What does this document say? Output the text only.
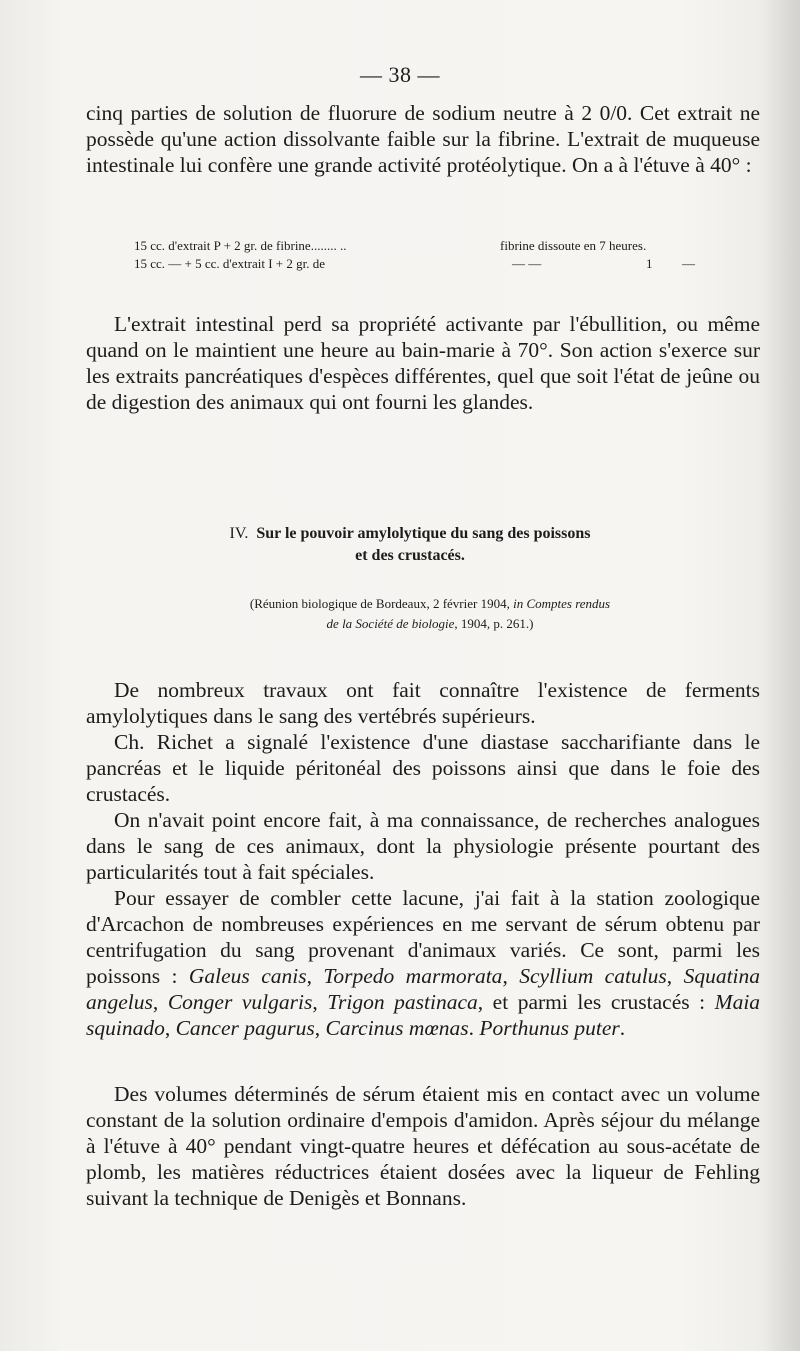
— 38 —

cinq parties de solution de fluorure de sodium neutre à 2 0/0. Cet extrait ne possède qu'une action dissolvante faible sur la fibrine. L'extrait de muqueuse intestinale lui confère une grande activité protéolytique. On a à l'étuve à 40° :

15 cc. d'extrait P + 2 gr. de fibrine........ ..	fibrine dissoute en 7 heures.
15 cc. — + 5 cc. d'extrait I + 2 gr. de	— —	1 —

L'extrait intestinal perd sa propriété activante par l'ébullition, ou même quand on le maintient une heure au bain-marie à 70°. Son action s'exerce sur les extraits pancréatiques d'espèces différentes, quel que soit l'état de jeûne ou de digestion des animaux qui ont fourni les glandes.

IV. Sur le pouvoir amylolytique du sang des poissons
et des crustacés.
(Réunion biologique de Bordeaux, 2 février 1904, in Comptes rendus
de la Société de biologie, 1904, p. 261.)

De nombreux travaux ont fait connaître l'existence de ferments amylolytiques dans le sang des vertébrés supérieurs.

Ch. Richet a signalé l'existence d'une diastase saccharifiante dans le pancréas et le liquide péritonéal des poissons ainsi que dans le foie des crustacés.

On n'avait point encore fait, à ma connaissance, de recherches analogues dans le sang de ces animaux, dont la physiologie présente pourtant des particularités tout à fait spéciales.

Pour essayer de combler cette lacune, j'ai fait à la station zoologique d'Arcachon de nombreuses expériences en me servant de sérum obtenu par centrifugation du sang provenant d'animaux variés. Ce sont, parmi les poissons : Galeus canis, Torpedo marmorata, Scyllium catulus, Squatina angelus, Conger vulgaris, Trigon pastinaca, et parmi les crustacés : Maia squinado, Cancer pagurus, Carcinus mœnas. Porthunus puter.

Des volumes déterminés de sérum étaient mis en contact avec un volume constant de la solution ordinaire d'empois d'amidon. Après séjour du mélange à l'étuve à 40° pendant vingt-quatre heures et défécation au sous-acétate de plomb, les matières réductrices étaient dosées avec la liqueur de Fehling suivant la technique de Denigès et Bonnans.
